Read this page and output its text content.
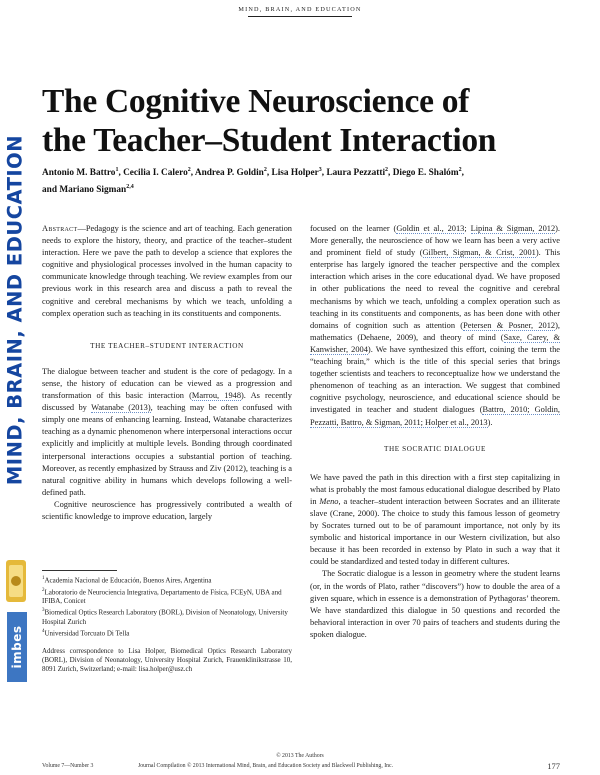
MIND, BRAIN, AND EDUCATION
MIND, BRAIN, AND EDUCATION
imbes
The Cognitive Neuroscience of
the Teacher–Student Interaction
Antonio M. Battro$^1$, Cecilia I. Calero$^2$, Andrea P. Goldin$^2$, Lisa Holper$^3$, Laura Pezzatti$^2$, Diego E. Shalóm$^2$,
and Mariano Sigman$^{2,4}$

Abstract—Pedagogy is the science and art of teaching. Each generation needs to explore the history, theory, and practice of the teacher–student interaction. Here we pave the path to develop a science that explores the cognitive and physiological processes involved in the human capacity to communicate knowledge through teaching. We review examples from our previous work in this research area and discuss a path to reveal the cognitive and cerebral mechanisms by which we teach, unfolding a complex operation such as teaching in its constituents and components.

THE TEACHER–STUDENT INTERACTION

The dialogue between teacher and student is the core of pedagogy. In a sense, the history of education can be viewed as a progression and transformation of this basic interaction (Marrou, 1948). As recently discussed by Watanabe (2013), teaching may be often confused with simply one means of enhancing learning. Instead, Watanabe characterizes teaching as a dynamic phenomenon where interpersonal interactions occur explicitly and implicitly at multiple levels. Bonding through coordinated interpersonal interactions occupies a substantial portion of teaching. Moreover, as recently emphasized by Strauss and Ziv (2012), teaching is a natural cognitive ability in humans which develops following a well-defined path.

Cognitive neuroscience has progressively contributed a wealth of scientific knowledge to improve education, largely

focused on the learner (Goldin et al., 2013; Lipina & Sigman, 2012). More generally, the neuroscience of how we learn has been a very active and prominent field of study (Gilbert, Sigman, & Crist, 2001). This enterprise has largely ignored the teacher perspective and the complex interaction which arises in the core educational dyad. We have proposed in other publications the need to reveal the cognitive and cerebral mechanisms by which we teach, unfolding a complex operation such as teaching in its constituents and components, as has been done with other domains of cognition such as attention (Petersen & Posner, 2012), mathematics (Dehaene, 2009), and theory of mind (Saxe, Carey, & Kanwisher, 2004). We have synthesized this effort, coining the term the “teaching brain,” which is the title of this special series that brings together scientists and teachers to reconceptualize how we understand the phenomenon of teaching as an interaction. We suggest that combined cognitive psychology, neuroscience, and educational science should be investigated in teacher and student dialogues (Battro, 2010; Goldin, Pezzatti, Battro, & Sigman, 2011; Holper et al., 2013).

THE SOCRATIC DIALOGUE

We have paved the path in this direction with a first step capitalizing in what is probably the most famous educational dialogue described by Plato in Meno, a teacher–student interaction between Socrates and an illiterate slave (Crane, 2000). The choice to study this famous lesson of geometry by Socrates turned out to be of paramount importance, not only by its symbolic and historical importance in our Western civilization, but also because it has been recorded in extenso by Plato in such a way that it could be standardized and tested today in different cultures.

The Socratic dialogue is a lesson in geometry where the student learns (or, in the words of Plato, rather “discovers”) how to double the area of a given square, which in essence is a demonstration of Pythagoras’ theorem. We have standardized this dialogue in 50 questions and recorded the behavioral interaction in over 70 pairs of teachers and students during the spoken dialogue.

$^1$Academia Nacional de Educación, Buenos Aires, Argentina
$^2$Laboratorio de Neurociencia Integrativa, Departamento de Física, FCEyN, UBA and IFIBA, Conicet
$^3$Biomedical Optics Research Laboratory (BORL), Division of Neonatology, University Hospital Zurich
$^4$Universidad Torcuato Di Tella
Address correspondence to Lisa Holper, Biomedical Optics Research Laboratory (BORL), Division of Neonatology, University Hospital Zurich, Frauenklinikstrasse 10, 8091 Zurich, Switzerland; e-mail: lisa.holper@usz.ch
© 2013 The Authors
Volume 7—Number 3	Journal Compilation © 2013 International Mind, Brain, and Education Society and Blackwell Publishing, Inc.	177
